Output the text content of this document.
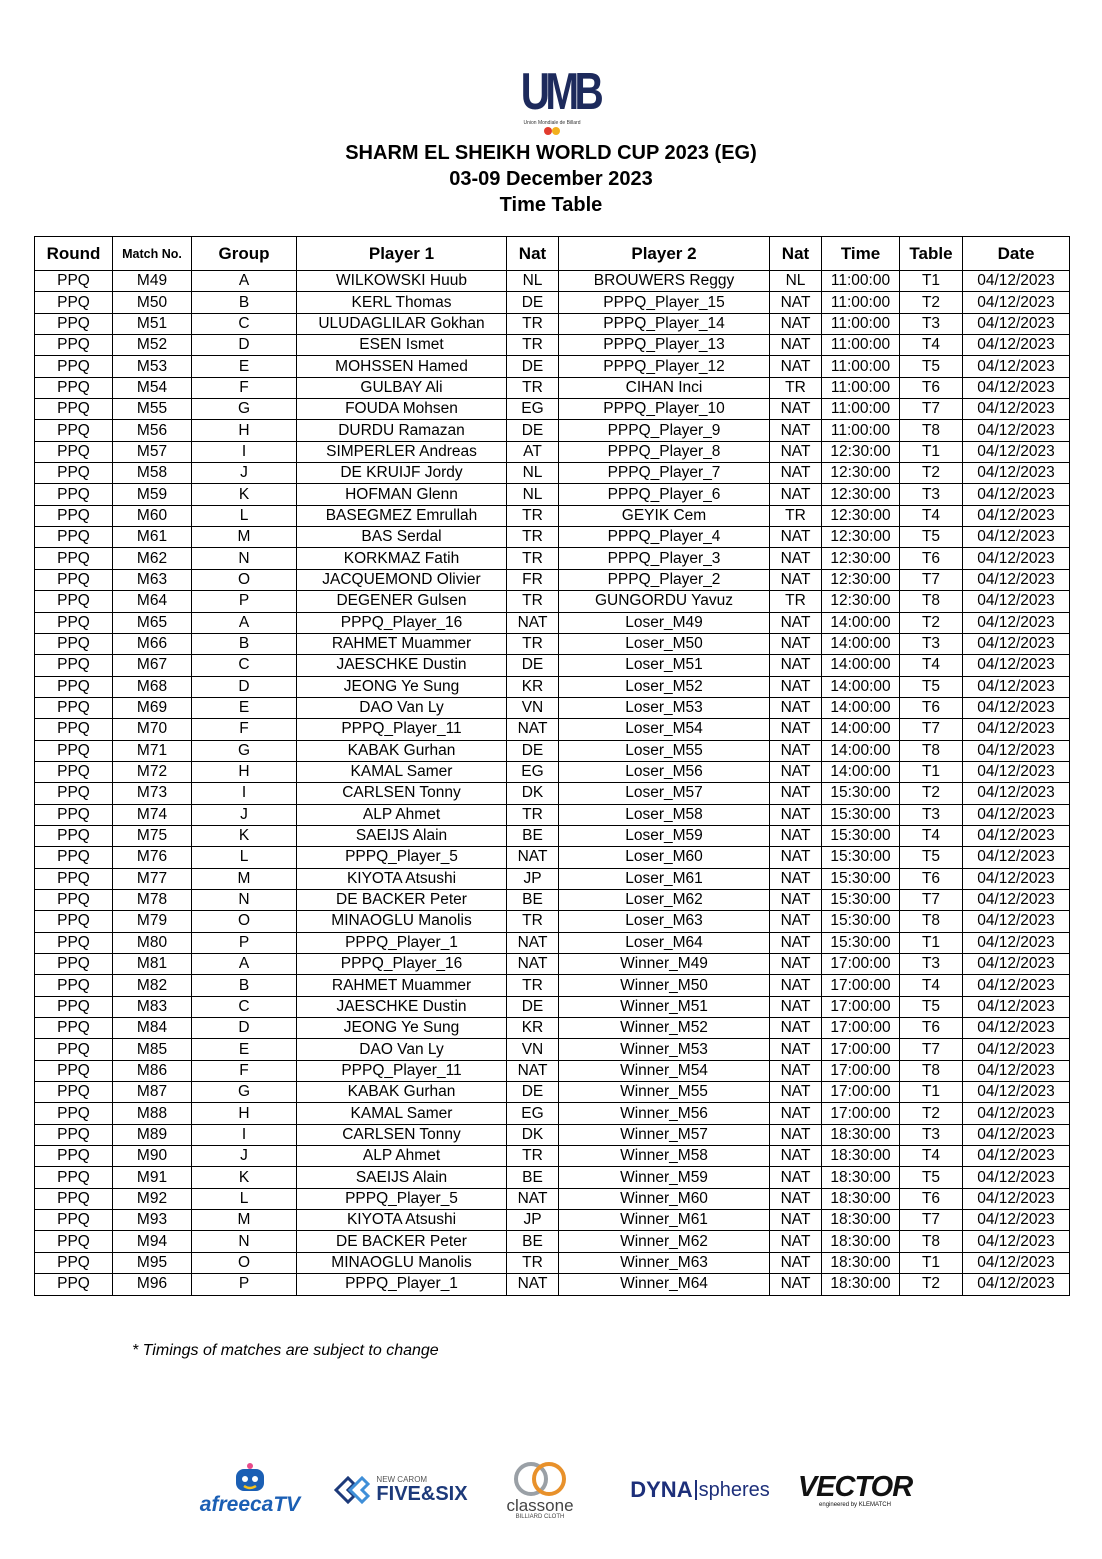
UMB
Union Mondiale de Billard
SHARM EL SHEIKH WORLD CUP 2023 (EG)
03-09 December 2023
Time Table
Round	Match No.	Group	Player 1	Nat	Player 2	Nat	Time	Table	Date
PPQ	M49	A	WILKOWSKI Huub	NL	BROUWERS Reggy	NL	11:00:00	T1	04/12/2023
PPQ	M50	B	KERL Thomas	DE	PPPQ_Player_15	NAT	11:00:00	T2	04/12/2023
PPQ	M51	C	ULUDAGLILAR Gokhan	TR	PPPQ_Player_14	NAT	11:00:00	T3	04/12/2023
PPQ	M52	D	ESEN Ismet	TR	PPPQ_Player_13	NAT	11:00:00	T4	04/12/2023
PPQ	M53	E	MOHSSEN Hamed	DE	PPPQ_Player_12	NAT	11:00:00	T5	04/12/2023
PPQ	M54	F	GULBAY Ali	TR	CIHAN Inci	TR	11:00:00	T6	04/12/2023
PPQ	M55	G	FOUDA Mohsen	EG	PPPQ_Player_10	NAT	11:00:00	T7	04/12/2023
PPQ	M56	H	DURDU Ramazan	DE	PPPQ_Player_9	NAT	11:00:00	T8	04/12/2023
PPQ	M57	I	SIMPERLER Andreas	AT	PPPQ_Player_8	NAT	12:30:00	T1	04/12/2023
PPQ	M58	J	DE KRUIJF Jordy	NL	PPPQ_Player_7	NAT	12:30:00	T2	04/12/2023
PPQ	M59	K	HOFMAN Glenn	NL	PPPQ_Player_6	NAT	12:30:00	T3	04/12/2023
PPQ	M60	L	BASEGMEZ Emrullah	TR	GEYIK Cem	TR	12:30:00	T4	04/12/2023
PPQ	M61	M	BAS Serdal	TR	PPPQ_Player_4	NAT	12:30:00	T5	04/12/2023
PPQ	M62	N	KORKMAZ Fatih	TR	PPPQ_Player_3	NAT	12:30:00	T6	04/12/2023
PPQ	M63	O	JACQUEMOND Olivier	FR	PPPQ_Player_2	NAT	12:30:00	T7	04/12/2023
PPQ	M64	P	DEGENER Gulsen	TR	GUNGORDU Yavuz	TR	12:30:00	T8	04/12/2023
PPQ	M65	A	PPPQ_Player_16	NAT	Loser_M49	NAT	14:00:00	T2	04/12/2023
PPQ	M66	B	RAHMET Muammer	TR	Loser_M50	NAT	14:00:00	T3	04/12/2023
PPQ	M67	C	JAESCHKE Dustin	DE	Loser_M51	NAT	14:00:00	T4	04/12/2023
PPQ	M68	D	JEONG Ye Sung	KR	Loser_M52	NAT	14:00:00	T5	04/12/2023
PPQ	M69	E	DAO Van Ly	VN	Loser_M53	NAT	14:00:00	T6	04/12/2023
PPQ	M70	F	PPPQ_Player_11	NAT	Loser_M54	NAT	14:00:00	T7	04/12/2023
PPQ	M71	G	KABAK Gurhan	DE	Loser_M55	NAT	14:00:00	T8	04/12/2023
PPQ	M72	H	KAMAL Samer	EG	Loser_M56	NAT	14:00:00	T1	04/12/2023
PPQ	M73	I	CARLSEN Tonny	DK	Loser_M57	NAT	15:30:00	T2	04/12/2023
PPQ	M74	J	ALP Ahmet	TR	Loser_M58	NAT	15:30:00	T3	04/12/2023
PPQ	M75	K	SAEIJS Alain	BE	Loser_M59	NAT	15:30:00	T4	04/12/2023
PPQ	M76	L	PPPQ_Player_5	NAT	Loser_M60	NAT	15:30:00	T5	04/12/2023
PPQ	M77	M	KIYOTA Atsushi	JP	Loser_M61	NAT	15:30:00	T6	04/12/2023
PPQ	M78	N	DE BACKER Peter	BE	Loser_M62	NAT	15:30:00	T7	04/12/2023
PPQ	M79	O	MINAOGLU Manolis	TR	Loser_M63	NAT	15:30:00	T8	04/12/2023
PPQ	M80	P	PPPQ_Player_1	NAT	Loser_M64	NAT	15:30:00	T1	04/12/2023
PPQ	M81	A	PPPQ_Player_16	NAT	Winner_M49	NAT	17:00:00	T3	04/12/2023
PPQ	M82	B	RAHMET Muammer	TR	Winner_M50	NAT	17:00:00	T4	04/12/2023
PPQ	M83	C	JAESCHKE Dustin	DE	Winner_M51	NAT	17:00:00	T5	04/12/2023
PPQ	M84	D	JEONG Ye Sung	KR	Winner_M52	NAT	17:00:00	T6	04/12/2023
PPQ	M85	E	DAO Van Ly	VN	Winner_M53	NAT	17:00:00	T7	04/12/2023
PPQ	M86	F	PPPQ_Player_11	NAT	Winner_M54	NAT	17:00:00	T8	04/12/2023
PPQ	M87	G	KABAK Gurhan	DE	Winner_M55	NAT	17:00:00	T1	04/12/2023
PPQ	M88	H	KAMAL Samer	EG	Winner_M56	NAT	17:00:00	T2	04/12/2023
PPQ	M89	I	CARLSEN Tonny	DK	Winner_M57	NAT	18:30:00	T3	04/12/2023
PPQ	M90	J	ALP Ahmet	TR	Winner_M58	NAT	18:30:00	T4	04/12/2023
PPQ	M91	K	SAEIJS Alain	BE	Winner_M59	NAT	18:30:00	T5	04/12/2023
PPQ	M92	L	PPPQ_Player_5	NAT	Winner_M60	NAT	18:30:00	T6	04/12/2023
PPQ	M93	M	KIYOTA Atsushi	JP	Winner_M61	NAT	18:30:00	T7	04/12/2023
PPQ	M94	N	DE BACKER Peter	BE	Winner_M62	NAT	18:30:00	T8	04/12/2023
PPQ	M95	O	MINAOGLU Manolis	TR	Winner_M63	NAT	18:30:00	T1	04/12/2023
PPQ	M96	P	PPPQ_Player_1	NAT	Winner_M64	NAT	18:30:00	T2	04/12/2023
* Timings of matches are subject to change
afreecaTV
NEW CAROM
FIVE&SIX classone
BILLIARD CLOTH
DYNA spheres VECTOR
engineered by KLEMATCH
